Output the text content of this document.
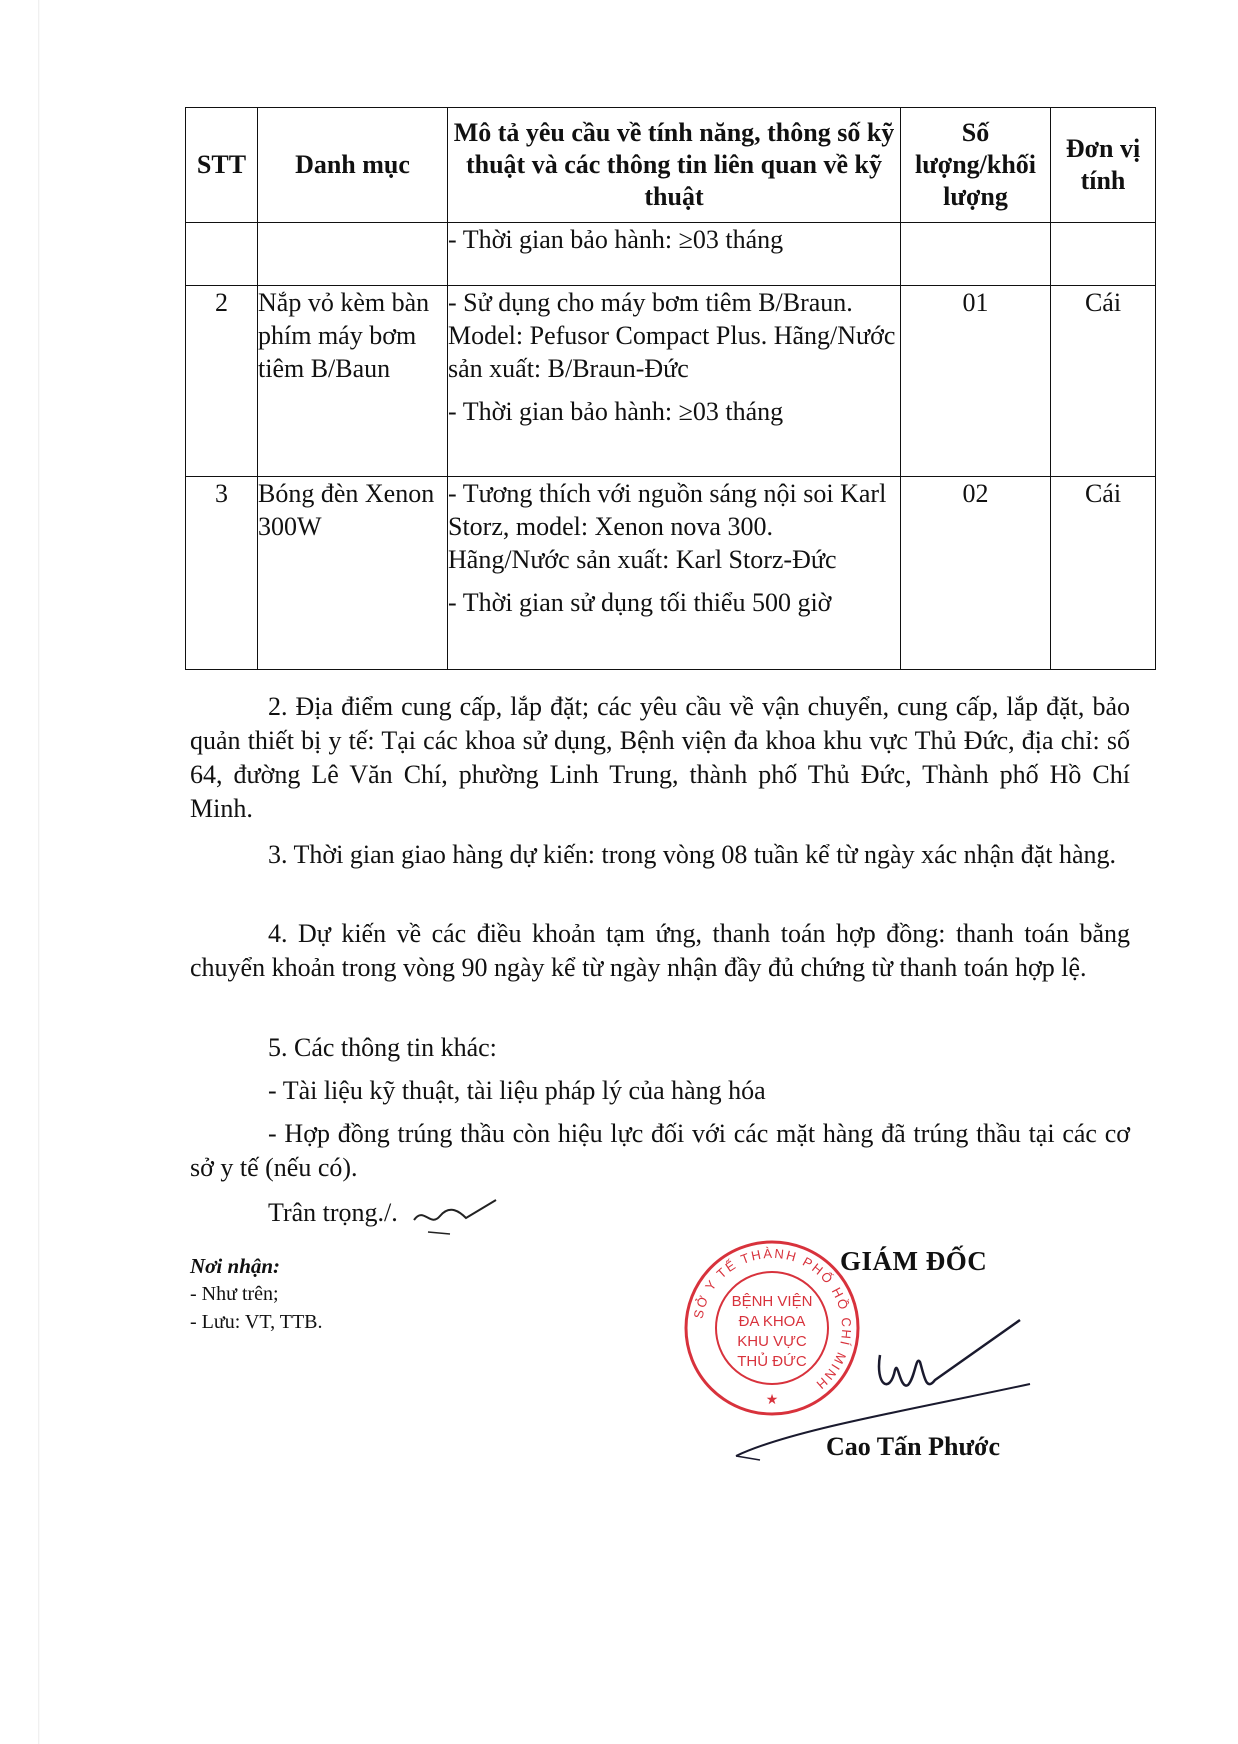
STT	Danh mục	Mô tả yêu cầu về tính năng, thông số kỹ thuật và các thông tin liên quan về kỹ thuật	Số lượng/khối lượng	Đơn vị tính

		- Thời gian bảo hành: ≥03 tháng		

2	Nắp vỏ kèm bàn phím máy bơm tiêm B/Baun	- Sử dụng cho máy bơm tiêm B/Braun. Model: Pefusor Compact Plus. Hãng/Nước sản xuất: B/Braun-Đức

- Thời gian bảo hành: ≥03 tháng	01	Cái
3	Bóng đèn Xenon 300W	- Tương thích với nguồn sáng nội soi Karl Storz, model: Xenon nova 300. Hãng/Nước sản xuất: Karl Storz-Đức

- Thời gian sử dụng tối thiểu 500 giờ	02	Cái

2. Địa điểm cung cấp, lắp đặt; các yêu cầu về vận chuyển, cung cấp, lắp đặt, bảo quản thiết bị y tế: Tại các khoa sử dụng, Bệnh viện đa khoa khu vực Thủ Đức, địa chỉ: số 64, đường Lê Văn Chí, phường Linh Trung, thành phố Thủ Đức, Thành phố Hồ Chí Minh.

3. Thời gian giao hàng dự kiến: trong vòng 08 tuần kể từ ngày xác nhận đặt hàng.

4. Dự kiến về các điều khoản tạm ứng, thanh toán hợp đồng: thanh toán bằng chuyển khoản trong vòng 90 ngày kể từ ngày nhận đầy đủ chứng từ thanh toán hợp lệ.

5. Các thông tin khác:

- Tài liệu kỹ thuật, tài liệu pháp lý của hàng hóa

- Hợp đồng trúng thầu còn hiệu lực đối với các mặt hàng đã trúng thầu tại các cơ sở y tế (nếu có).

Trân trọng./.

Nơi nhận:
- Như trên;
- Lưu: VT, TTB.	SỞ Y TẾ THÀNH PHỐ HỒ CHÍ MINH
BỆNH VIỆN
ĐA KHOA
KHU VỰC
THỦ ĐỨC
★
GIÁM ĐỐC
Cao Tấn Phước
